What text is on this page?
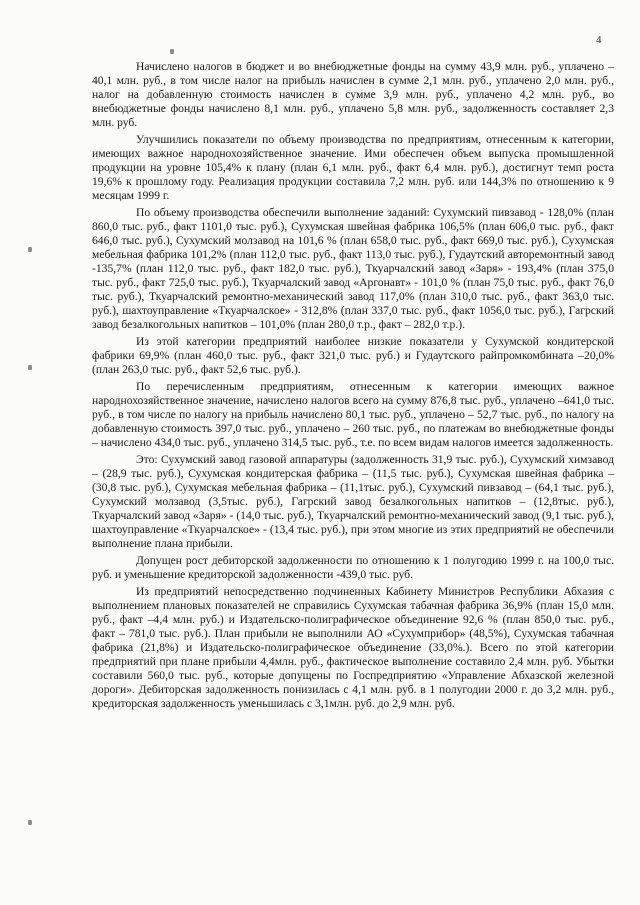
4

Начислено налогов в бюджет и во внебюджетные фонды на сумму 43,9 млн. руб., уплачено –40,1 млн. руб., в том числе налог на прибыль начислен в сумме 2,1 млн. руб., уплачено 2,0 млн. руб., налог на добавленную стоимость начислен в сумме 3,9 млн. руб., уплачено 4,2 млн. руб., во внебюджетные фонды начислено 8,1 млн. руб., уплачено 5,8 млн. руб., задолженность составляет 2,3 млн. руб.

Улучшились показатели по объему производства по предприятиям, отнесенным к категории, имеющих важное народнохозяйственное значение. Ими обеспечен объем выпуска промышленной продукции на уровне 105,4% к плану (план 6,1 млн. руб., факт 6,4 млн. руб.), достигнут темп роста 19,6% к прошлому году. Реализация продукции составила 7,2 млн. руб. или 144,3% по отношению к 9 месяцам 1999 г.

По объему производства обеспечили выполнение заданий: Сухумский пивзавод - 128,0% (план 860,0 тыс. руб., факт 1101,0 тыс. руб.), Сухумская швейная фабрика 106,5% (план 606,0 тыс. руб., факт 646,0 тыс. руб.), Сухумский молзавод на 101,6 % (план 658,0 тыс. руб., факт 669,0 тыс. руб.), Сухумская мебельная фабрика 101,2% (план 112,0 тыс. руб., факт 113,0 тыс. руб.), Гудаутский авторемонтный завод -135,7% (план 112,0 тыс. руб., факт 182,0 тыс. руб.), Ткуарчалский завод «Заря» - 193,4% (план 375,0 тыс. руб., факт 725,0 тыс. руб.), Ткуарчалский завод «Аргонавт» - 101,0 % (план 75,0 тыс. руб., факт 76,0 тыс. руб.), Ткуарчалский ремонтно-механический завод 117,0% (план 310,0 тыс. руб., факт 363,0 тыс. руб.), шахтоуправление «Ткуарчалское» - 312,8% (план 337,0 тыс. руб., факт 1056,0 тыс. руб.), Гагрский завод безалкогольных напитков – 101,0% (план 280,0 т.р., факт – 282,0 т.р.).

Из этой категории предприятий наиболее низкие показатели у Сухумской кондитерской фабрики 69,9% (план 460,0 тыс. руб., факт 321,0 тыс. руб.) и Гудаутского райпромкомбината –20,0% (план 263,0 тыс. руб., факт 52,6 тыс. руб.).

По перечисленным предприятиям, отнесенным к категории имеющих важное народнохозяйственное значение, начислено налогов всего на сумму 876,8 тыс. руб., уплачено –641,0 тыс. руб., в том числе по налогу на прибыль начислено 80,1 тыс. руб., уплачено – 52,7 тыс. руб., по налогу на добавленную стоимость 397,0 тыс. руб., уплачено – 260 тыс. руб., по платежам во внебюджетные фонды – начислено 434,0 тыс. руб., уплачено 314,5 тыс. руб., т.е. по всем видам налогов имеется задолженность.

Это: Сухумский завод газовой аппаратуры (задолженность 31,9 тыс. руб.), Сухумский химзавод – (28,9 тыс. руб.), Сухумская кондитерская фабрика – (11,5 тыс. руб.), Сухумская швейная фабрика – (30,8 тыс. руб.), Сухумская мебельная фабрика – (11,1тыс. руб.), Сухумский пивзавод – (64,1 тыс. руб.), Сухумский молзавод (3,5тыс. руб.), Гагрский завод безалкогольных напитков – (12,8тыс. руб.), Ткуарчалский завод «Заря» - (14,0 тыс. руб.), Ткуарчалский ремонтно-механический завод (9,1 тыс. руб.), шахтоуправление «Ткуарчалское» - (13,4 тыс. руб.), при этом многие из этих предприятий не обеспечили выполнение плана прибыли.

Допущен рост дебиторской задолженности по отношению к 1 полугодию 1999 г. на 100,0 тыс. руб. и уменьшение кредиторской задолженности -439,0 тыс. руб.

Из предприятий непосредственно подчиненных Кабинету Министров Республики Абхазия с выполнением плановых показателей не справились Сухумская табачная фабрика 36,9% (план 15,0 млн. руб., факт –4,4 млн. руб.) и Издательско-полиграфическое объединение 92,6 % (план 850,0 тыс. руб., факт – 781,0 тыс. руб.). План прибыли не выполнили АО «Сухумприбор» (48,5%), Сухумская табачная фабрика (21,8%) и Издательско-полиграфическое объединение (33,0%.). Всего по этой категории предприятий при плане прибыли 4,4млн. руб., фактическое выполнение составило 2,4 млн. руб. Убытки составили 560,0 тыс. руб., которые допущены по Госпредприятию «Управление Абхазской железной дороги». Дебиторская задолженность понизилась с 4,1 млн. руб. в 1 полугодии 2000 г. до 3,2 млн. руб., кредиторская задолженность уменьшилась с 3,1млн. руб. до 2,9 млн. руб.
